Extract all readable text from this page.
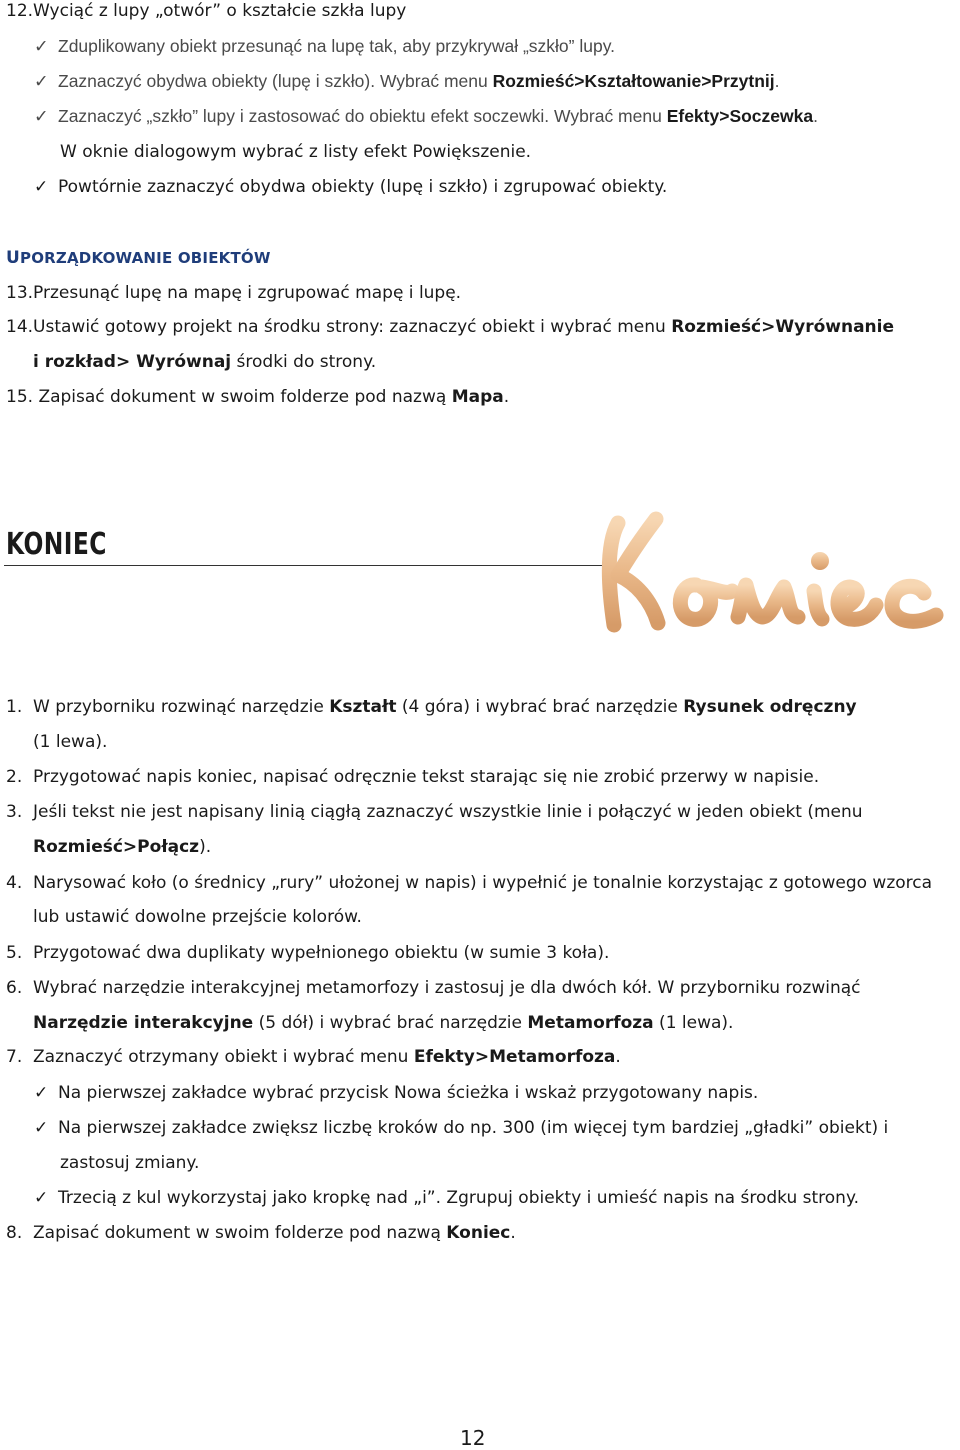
12.Wyciąć z lupy „otwór” o kształcie szkła lupy
✓ Zduplikowany obiekt przesunąć na lupę tak, aby przykrywał „szkło” lupy.
✓ Zaznaczyć obydwa obiekty (lupę i szkło). Wybrać menu Rozmieść>Kształtowanie>Przytnij.
✓ Zaznaczyć „szkło” lupy i zastosować do obiektu efekt soczewki. Wybrać menu Efekty>Soczewka.
W oknie dialogowym wybrać z listy efekt Powiększenie.
✓ Powtórnie zaznaczyć obydwa obiekty (lupę i szkło) i zgrupować obiekty.
UPORZĄDKOWANIE OBIEKTÓW
13.Przesunąć lupę na mapę i zgrupować mapę i lupę.
14.Ustawić gotowy projekt na środku strony: zaznaczyć obiekt i wybrać menu Rozmieść>Wyrównanie
i rozkład> Wyrównaj środki do strony.
15. Zapisać dokument w swoim folderze pod nazwą Mapa.
KONIEC
1. W przyborniku rozwinąć narzędzie Kształt (4 góra) i wybrać brać narzędzie Rysunek odręczny
(1 lewa).
2. Przygotować napis koniec, napisać odręcznie tekst starając się nie zrobić przerwy w napisie.
3. Jeśli tekst nie jest napisany linią ciągłą zaznaczyć wszystkie linie i połączyć w jeden obiekt (menu
Rozmieść>Połącz).
4. Narysować koło (o średnicy „rury” ułożonej w napis) i wypełnić je tonalnie korzystając z gotowego wzorca
lub ustawić dowolne przejście kolorów.
5. Przygotować dwa duplikaty wypełnionego obiektu (w sumie 3 koła).
6. Wybrać narzędzie interakcyjnej metamorfozy i zastosuj je dla dwóch kół. W przyborniku rozwinąć
Narzędzie interakcyjne (5 dół) i wybrać brać narzędzie Metamorfoza (1 lewa).
7. Zaznaczyć otrzymany obiekt i wybrać menu Efekty>Metamorfoza.
✓ Na pierwszej zakładce wybrać przycisk Nowa ścieżka i wskaż przygotowany napis.
✓ Na pierwszej zakładce zwiększ liczbę kroków do np. 300 (im więcej tym bardziej „gładki” obiekt) i
zastosuj zmiany.
✓ Trzecią z kul wykorzystaj jako kropkę nad „i”. Zgrupuj obiekty i umieść napis na środku strony.
8. Zapisać dokument w swoim folderze pod nazwą Koniec.
12
